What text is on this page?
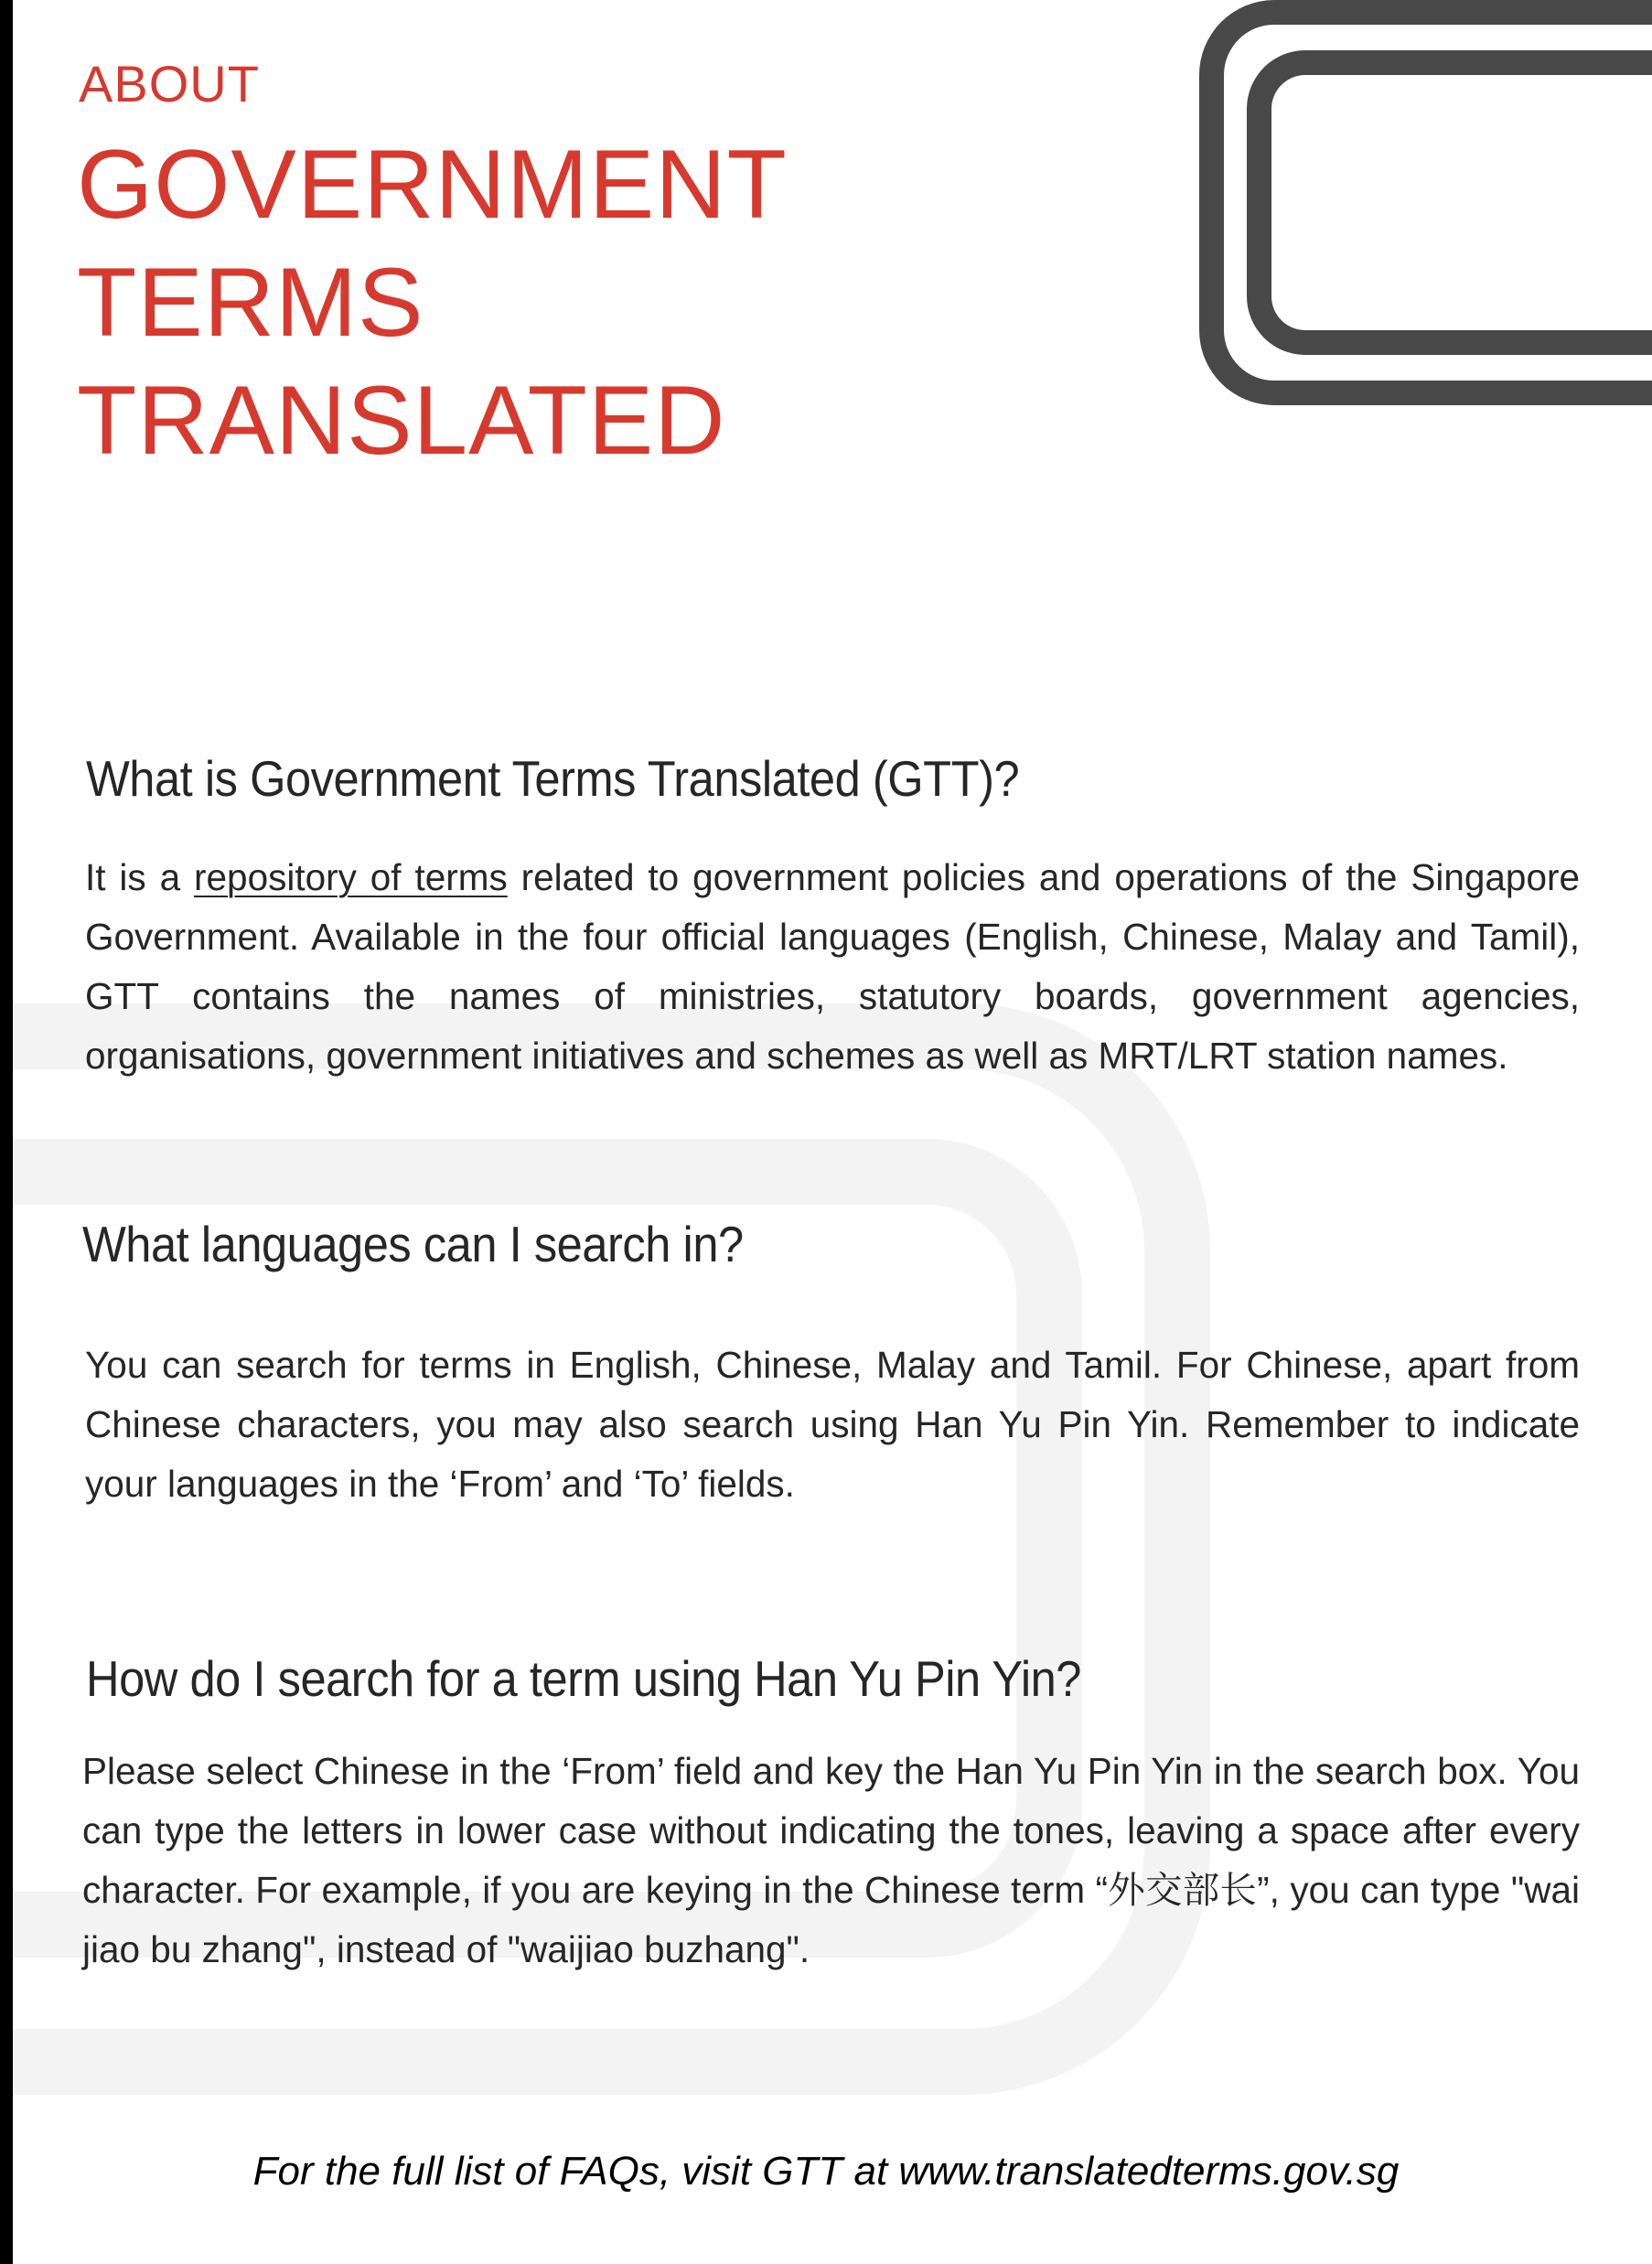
ABOUT
GOVERNMENT
TERMS
TRANSLATED
What is Government Terms Translated (GTT)?
It is a repository of terms related to government policies and operations of the Singapore Government. Available in the four official languages (English, Chinese, Malay and Tamil), GTT contains the names of ministries, statutory boards, government agencies, organisations, government initiatives and schemes as well as MRT/LRT station names.
What languages can I search in?
You can search for terms in English, Chinese, Malay and Tamil. For Chinese, apart from Chinese characters, you may also search using Han Yu Pin Yin. Remember to indicate your languages in the ‘From’ and ‘To’ fields.
How do I search for a term using Han Yu Pin Yin?
Please select Chinese in the ‘From’ field and key the Han Yu Pin Yin in the search box. You can type the letters in lower case without indicating the tones, leaving a space after every character. For example, if you are keying in the Chinese term “外交部长”, you can type "wai jiao bu zhang", instead of "waijiao buzhang".
For the full list of FAQs, visit GTT at www.translatedterms.gov.sg
